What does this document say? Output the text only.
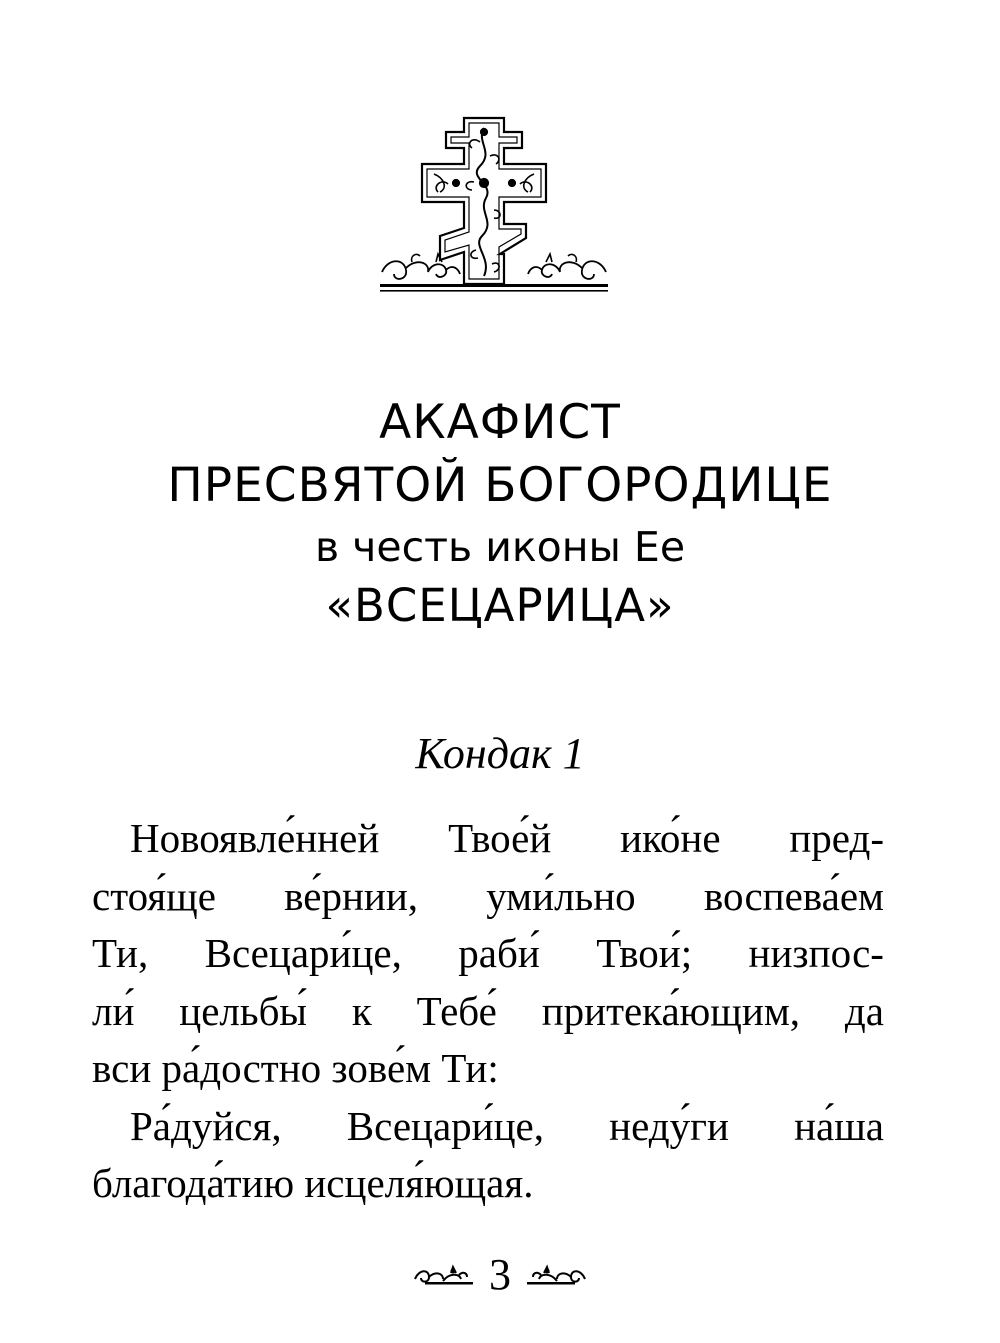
АКАФИСТ
ПРЕСВЯТОЙ БОГОРОДИЦЕ
в честь иконы Ее
«ВСЕЦАРИЦА»
Кондак 1
Новоявле́нней Твое́й ико́не пред-
стоя́ще ве́рнии, уми́льно воспева́ем
Ти, Всецари́це, раби́ Твои́; низпос-
ли́ цельбы́ к Тебе́ притека́ющим, да
вси
ра́достно
зове́м
Ти:
Ра́дуйся, Всецари́це, неду́ги на́ша
благода́тию
исцеля́ющая.
3
